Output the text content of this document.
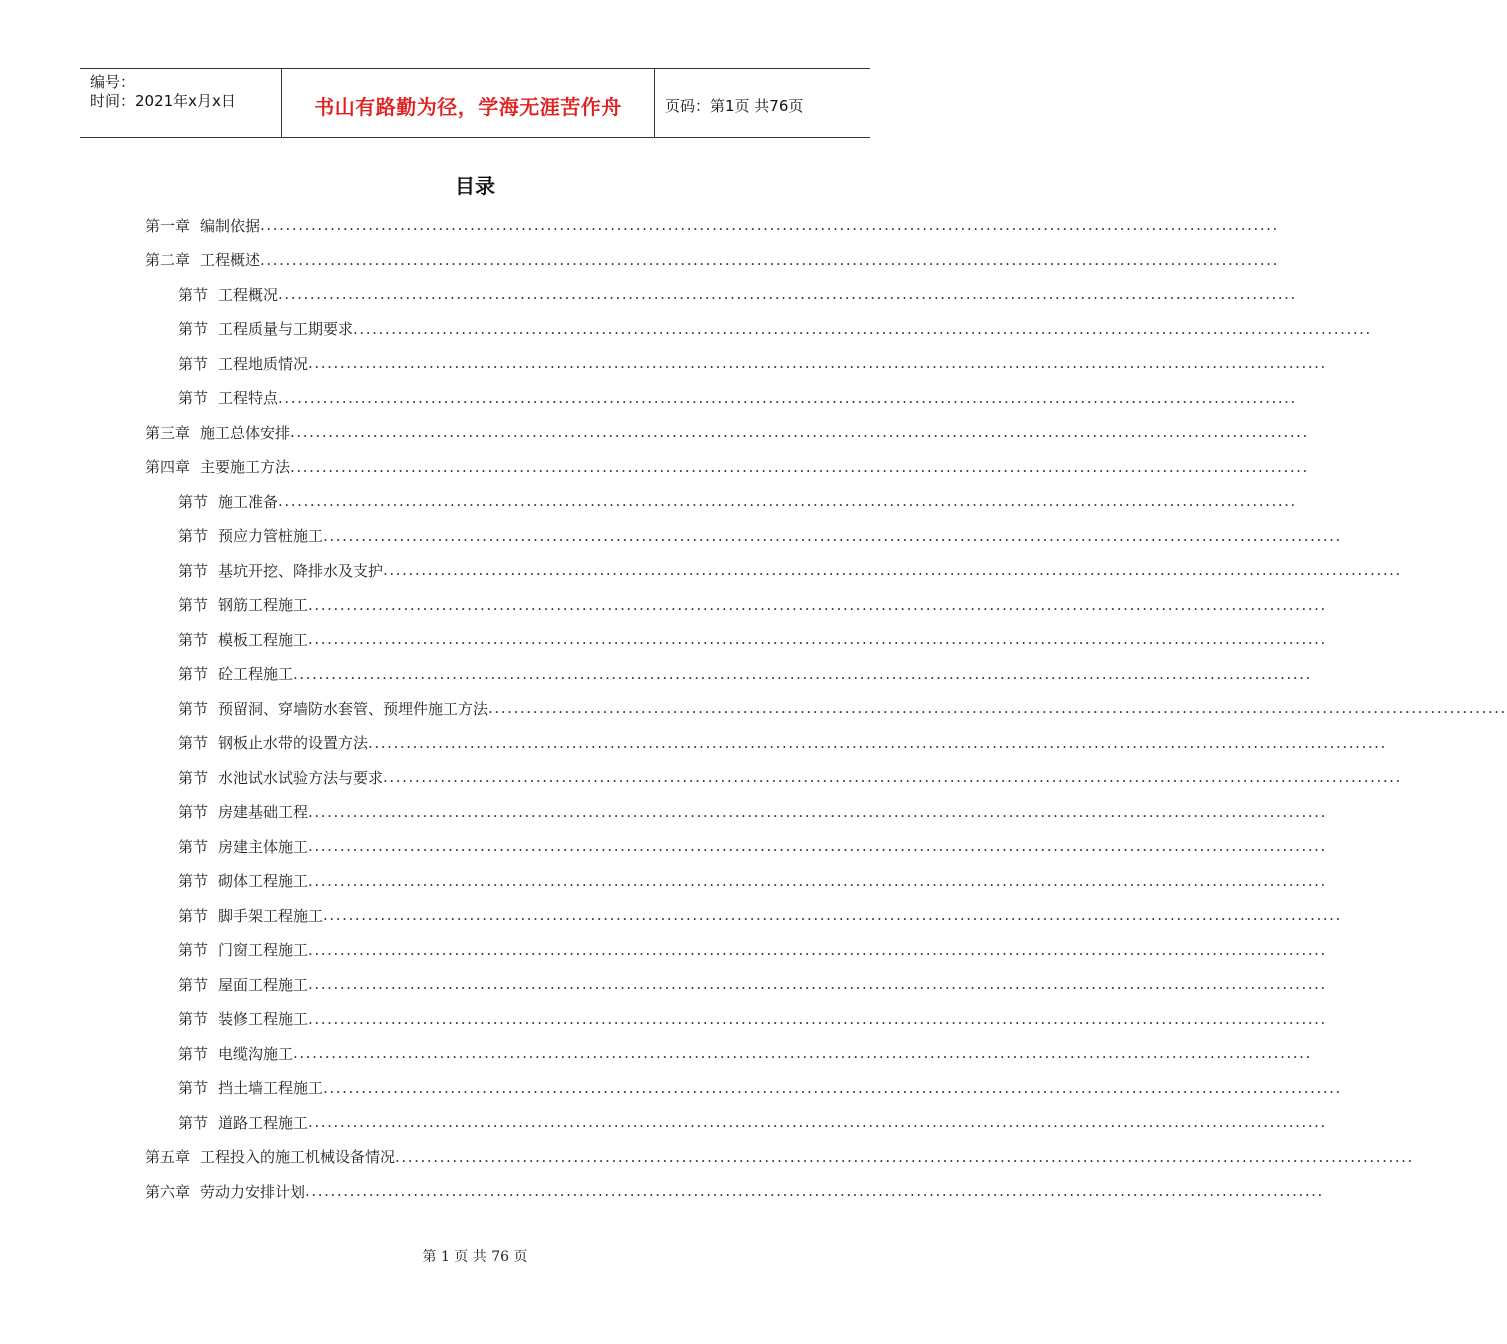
编号：
时间：2021年x月x日	书山有路勤为径，学海无涯苦作舟	页码：第1页 共76页
目录
第一章 编制依据 ................................................................................................................................................................
第二章 工程概述 ................................................................................................................................................................
第节 工程概况 ................................................................................................................................................................
第节 工程质量与工期要求 ................................................................................................................................................................
第节 工程地质情况 ................................................................................................................................................................
第节 工程特点 ................................................................................................................................................................
第三章 施工总体安排 ................................................................................................................................................................
第四章 主要施工方法 ................................................................................................................................................................
第节 施工准备 ................................................................................................................................................................
第节 预应力管桩施工 ................................................................................................................................................................
第节 基坑开挖、降排水及支护 ................................................................................................................................................................
第节 钢筋工程施工 ................................................................................................................................................................
第节 模板工程施工 ................................................................................................................................................................
第节 砼工程施工 ................................................................................................................................................................
第节 预留洞、穿墙防水套管、预埋件施工方法 ................................................................................................................................................................
第节 钢板止水带的设置方法 ................................................................................................................................................................
第节 水池试水试验方法与要求 ................................................................................................................................................................
第节 房建基础工程 ................................................................................................................................................................
第节 房建主体施工 ................................................................................................................................................................
第节 砌体工程施工 ................................................................................................................................................................
第节 脚手架工程施工 ................................................................................................................................................................
第节 门窗工程施工 ................................................................................................................................................................
第节 屋面工程施工 ................................................................................................................................................................
第节 装修工程施工 ................................................................................................................................................................
第节 电缆沟施工 ................................................................................................................................................................
第节 挡土墙工程施工 ................................................................................................................................................................
第节 道路工程施工 ................................................................................................................................................................
第五章 工程投入的施工机械设备情况 ................................................................................................................................................................
第六章 劳动力安排计划 ................................................................................................................................................................
第 1 页 共 76 页
